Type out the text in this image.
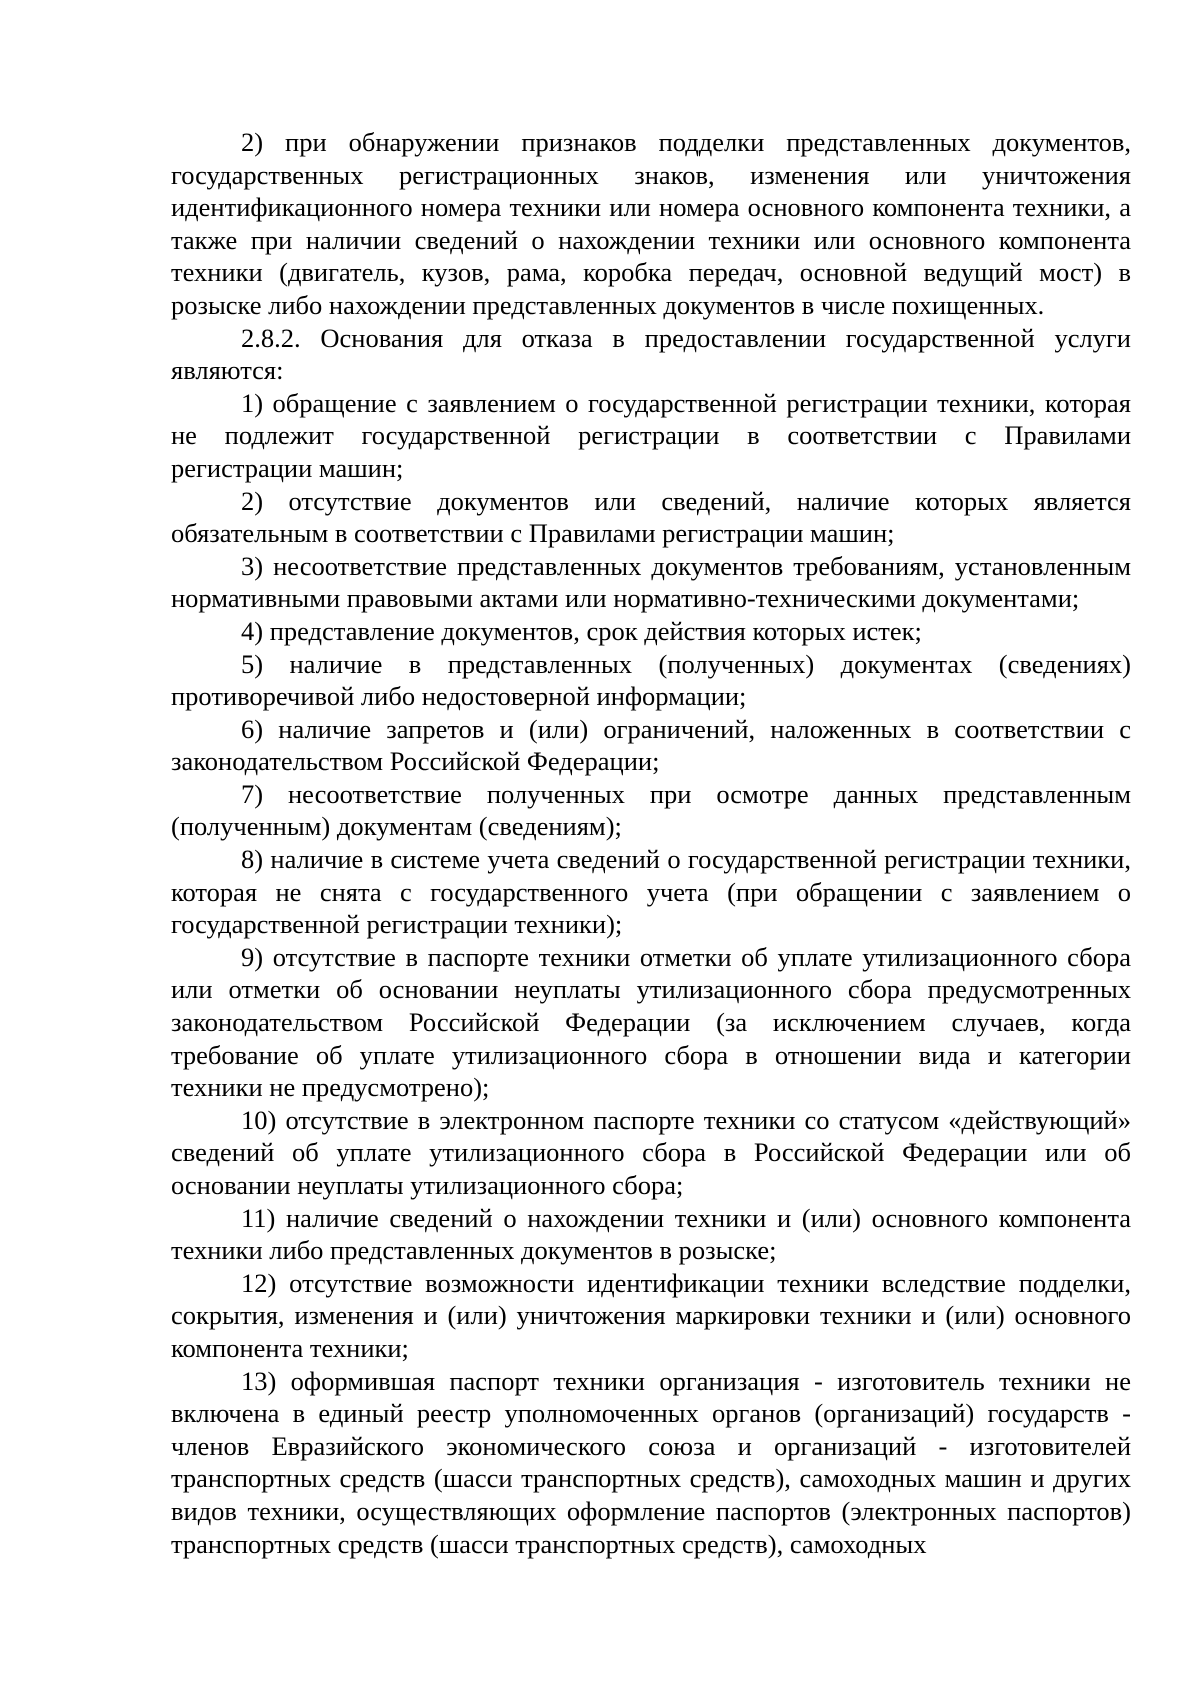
2) при обнаружении признаков подделки представленных документов, государственных регистрационных знаков, изменения или уничтожения идентификационного номера техники или номера основного компонента техники, а также при наличии сведений о нахождении техники или основного компонента техники (двигатель, кузов, рама, коробка передач, основной ведущий мост) в розыске либо нахождении представленных документов в числе похищенных.

2.8.2. Основания для отказа в предоставлении государственной услуги являются:

1) обращение с заявлением о государственной регистрации техники, которая не подлежит государственной регистрации в соответствии с Правилами регистрации машин;

2) отсутствие документов или сведений, наличие которых является обязательным в соответствии с Правилами регистрации машин;

3) несоответствие представленных документов требованиям, установленным нормативными правовыми актами или нормативно-техническими документами;

4) представление документов, срок действия которых истек;

5) наличие в представленных (полученных) документах (сведениях) противоречивой либо недостоверной информации;

6) наличие запретов и (или) ограничений, наложенных в соответствии с законодательством Российской Федерации;

7) несоответствие полученных при осмотре данных представленным (полученным) документам (сведениям);

8) наличие в системе учета сведений о государственной регистрации техники, которая не снята с государственного учета (при обращении с заявлением о государственной регистрации техники);

9) отсутствие в паспорте техники отметки об уплате утилизационного сбора или отметки об основании неуплаты утилизационного сбора предусмотренных законодательством Российской Федерации (за исключением случаев, когда требование об уплате утилизационного сбора в отношении вида и категории техники не предусмотрено);

10) отсутствие в электронном паспорте техники со статусом «действующий» сведений об уплате утилизационного сбора в Российской Федерации или об основании неуплаты утилизационного сбора;

11) наличие сведений о нахождении техники и (или) основного компонента техники либо представленных документов в розыске;

12) отсутствие возможности идентификации техники вследствие подделки, сокрытия, изменения и (или) уничтожения маркировки техники и (или) основного компонента техники;

13) оформившая паспорт техники организация - изготовитель техники не включена в единый реестр уполномоченных органов (организаций) государств - членов Евразийского экономического союза и организаций - изготовителей транспортных средств (шасси транспортных средств), самоходных машин и других видов техники, осуществляющих оформление паспортов (электронных паспортов) транспортных средств (шасси транспортных средств), самоходных
